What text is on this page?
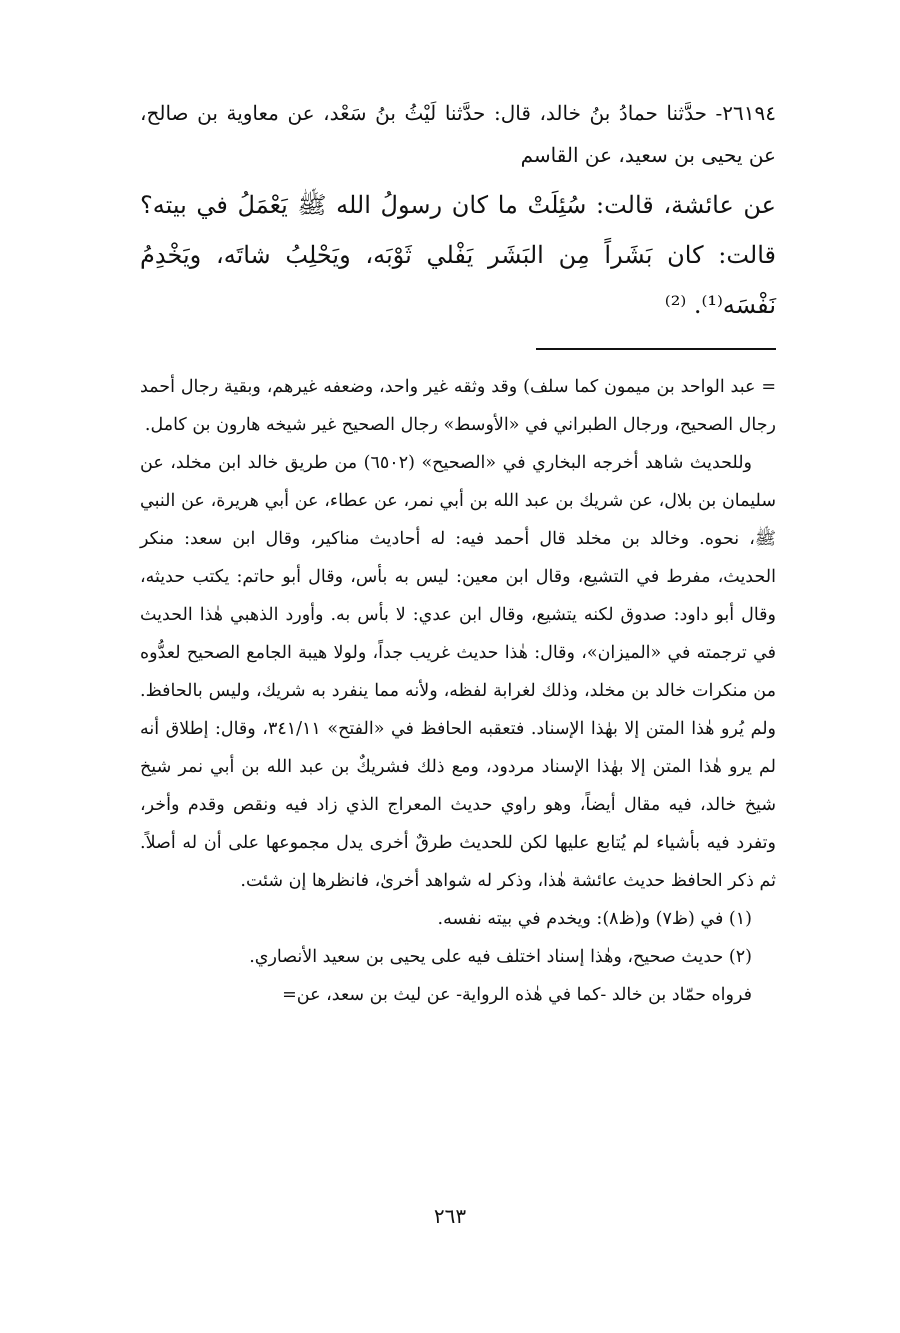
٢٦١٩٤- حدَّثنا حمادُ بنُ خالد، قال: حدَّثنا لَيْثُ بنُ سَعْد، عن معاوية بن صالح، عن يحيى بن سعيد، عن القاسم

عن عائشة، قالت: سُئِلَتْ ما كان رسولُ الله ﷺ يَعْمَلُ في بيته؟ قالت: كان بَشَراً مِن البَشَر يَفْلي ثَوْبَه، ويَحْلِبُ شاتَه، ويَخْدِمُ نَفْسَه⁽¹⁾. ⁽²⁾

= عبد الواحد بن ميمون كما سلف) وقد وثقه غير واحد، وضعفه غيرهم، وبقية رجال أحمد رجال الصحيح، ورجال الطبراني في «الأوسط» رجال الصحيح غير شيخه هارون بن كامل.

وللحديث شاهد أخرجه البخاري في «الصحيح» (٦٥٠٢) من طريق خالد ابن مخلد، عن سليمان بن بلال، عن شريك بن عبد الله بن أبي نمر، عن عطاء، عن أبي هريرة، عن النبي ﷺ، نحوه. وخالد بن مخلد قال أحمد فيه: له أحاديث مناكير، وقال ابن سعد: منكر الحديث، مفرط في التشيع، وقال ابن معين: ليس به بأس، وقال أبو حاتم: يكتب حديثه، وقال أبو داود: صدوق لكنه يتشيع، وقال ابن عدي: لا بأس به. وأورد الذهبي هٰذا الحديث في ترجمته في «الميزان»، وقال: هٰذا حديث غريب جداً، ولولا هيبة الجامع الصحيح لعدُّوه من منكرات خالد بن مخلد، وذلك لغرابة لفظه، ولأنه مما ينفرد به شريك، وليس بالحافظ. ولم يُرو هٰذا المتن إلا بهٰذا الإسناد. فتعقبه الحافظ في «الفتح» ٣٤١/١١، وقال: إطلاق أنه لم يرو هٰذا المتن إلا بهٰذا الإسناد مردود، ومع ذلك فشريكٌ بن عبد الله بن أبي نمر شيخ شيخ خالد، فيه مقال أيضاً، وهو راوي حديث المعراج الذي زاد فيه ونقص وقدم وأخر، وتفرد فيه بأشياء لم يُتابع عليها لكن للحديث طرقٌ أخرى يدل مجموعها على أن له أصلاً. ثم ذكر الحافظ حديث عائشة هٰذا، وذكر له شواهد أخرىٰ، فانظرها إن شئت.

(١) في (ظ٧) و(ظ٨): ويخدم في بيته نفسه.

(٢) حديث صحيح، وهٰذا إسناد اختلف فيه على يحيى بن سعيد الأنصاري.

فرواه حمّاد بن خالد -كما في هٰذه الرواية- عن ليث بن سعد، عن=

٢٦٣
